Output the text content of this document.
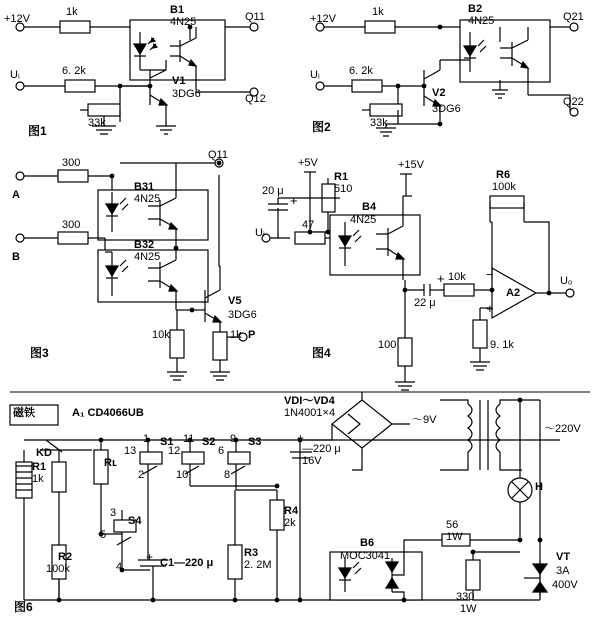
+12V
1k	B1
4N25	Q11
Q12
Uᵢ	6. 2k
33k
V1
3DG6
图1
+12V
1k	B2
4N25	Q21
Q22
Uᵢ	6. 2k
33k
V2
3DG6
图2
A
B
300
300
B31
4N25
B32
4N25
Q11
V5
3DG6
10k	1k P
图3
+5V	+15V
20 μ
Uᵢ
47
R1
510
B4
4N25
100
22 μ
10k
R6
100k
9. 1k
A2
Uₒ
−
+
+
+
图4
磁铁
KD
A₁ CD4066UB
R1
1k
Rʟ
R2
100k	C1—220 μ
+	R3
2. 2M
R4
2k
S1	S2	S3
S4
1
13
2
11
12
10
9
6
8
3
5
4
VDI～VD4
1N4001×4
+
—220 μ
16V
～9V
～220V
H
B6
MOC3041
56
1W
330
1W
VT
3A
400V
图6
